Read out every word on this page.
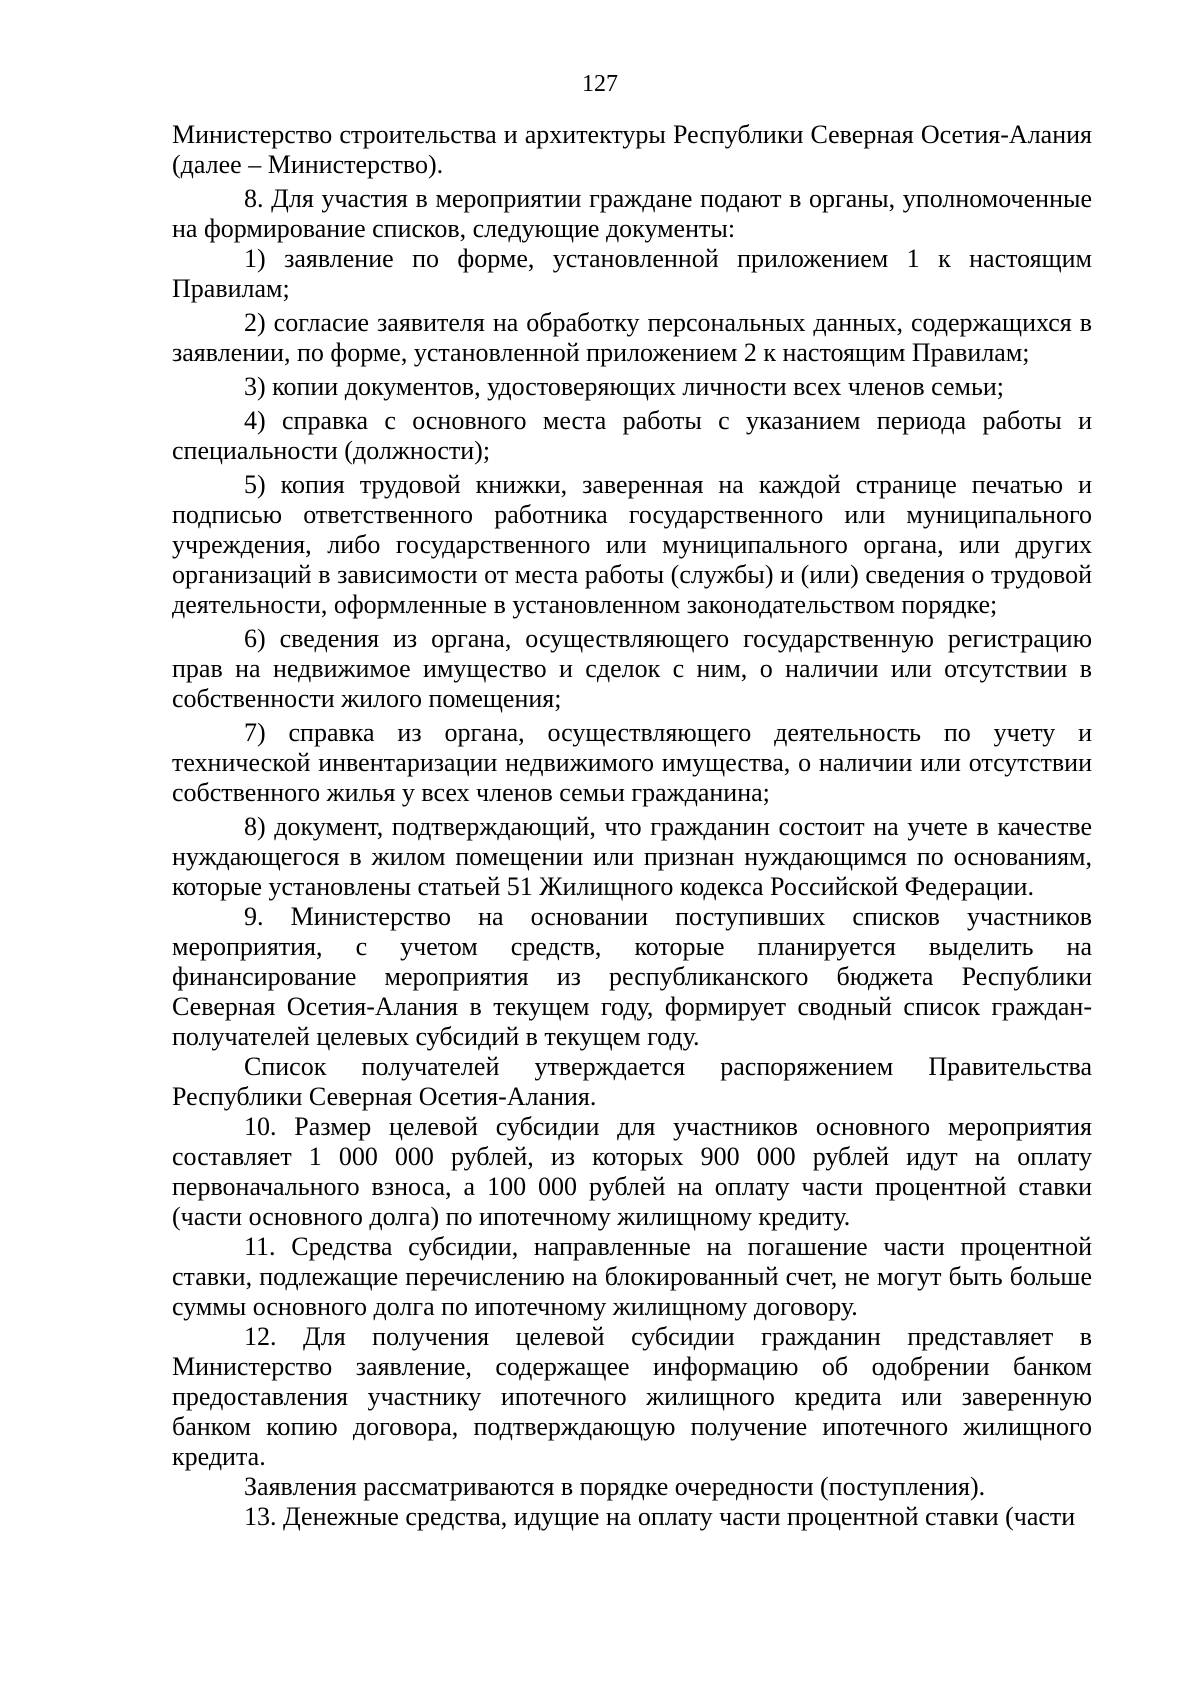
127

Министерство строительства и архитектуры Республики Северная Осетия-Алания (далее – Министерство).

8. Для участия в мероприятии граждане подают в органы, уполномоченные на формирование списков, следующие документы:

1) заявление по форме, установленной приложением 1 к настоящим Правилам;

2) согласие заявителя на обработку персональных данных, содержащихся в заявлении, по форме, установленной приложением 2 к настоящим Правилам;

3) копии документов, удостоверяющих личности всех членов семьи;

4) справка с основного места работы с указанием периода работы и специальности (должности);

5) копия трудовой книжки, заверенная на каждой странице печатью и подписью ответственного работника государственного или муниципального учреждения, либо государственного или муниципального органа, или других организаций в зависимости от места работы (службы) и (или) сведения о трудовой деятельности, оформленные в установленном законодательством порядке;

6) сведения из органа, осуществляющего государственную регистрацию прав на недвижимое имущество и сделок с ним, о наличии или отсутствии в собственности жилого помещения;

7) справка из органа, осуществляющего деятельность по учету и технической инвентаризации недвижимого имущества, о наличии или отсутствии собственного жилья у всех членов семьи гражданина;

8) документ, подтверждающий, что гражданин состоит на учете в качестве нуждающегося в жилом помещении или признан нуждающимся по основаниям, которые установлены статьей 51 Жилищного кодекса Российской Федерации.

9. Министерство на основании поступивших списков участников мероприятия, с учетом средств, которые планируется выделить на финансирование мероприятия из республиканского бюджета Республики Северная Осетия-Алания в текущем году, формирует сводный список граждан-получателей целевых субсидий в текущем году.

Список получателей утверждается распоряжением Правительства Республики Северная Осетия-Алания.

10. Размер целевой субсидии для участников основного мероприятия составляет 1 000 000 рублей, из которых 900 000 рублей идут на оплату первоначального взноса, а 100 000 рублей на оплату части процентной ставки (части основного долга) по ипотечному жилищному кредиту.

11. Средства субсидии, направленные на погашение части процентной ставки, подлежащие перечислению на блокированный счет, не могут быть больше суммы основного долга по ипотечному жилищному договору.

12. Для получения целевой субсидии гражданин представляет в Министерство заявление, содержащее информацию об одобрении банком предоставления участнику ипотечного жилищного кредита или заверенную банком копию договора, подтверждающую получение ипотечного жилищного кредита.

Заявления рассматриваются в порядке очередности (поступления).

13. Денежные средства, идущие на оплату части процентной ставки (части
